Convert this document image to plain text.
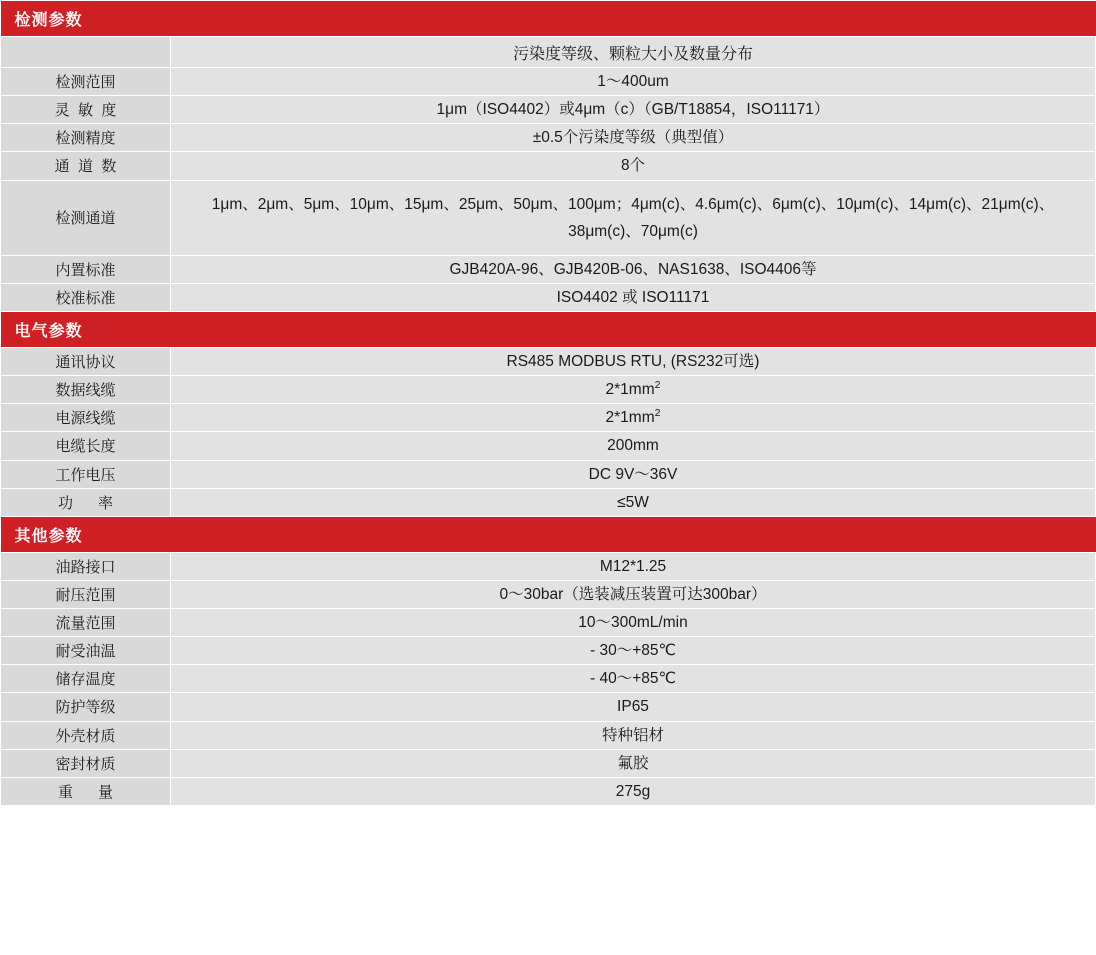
检测参数	
	污染度等级、颗粒大小及数量分布
检测范围	1～400um
灵  敏  度	1μm（ISO4402）或4μm（c）（GB/T18854，ISO11171）
检测精度	±0.5个污染度等级（典型值）
通  道  数	8个
检测通道	1μm、2μm、5μm、10μm、15μm、25μm、50μm、100μm；4μm(c)、4.6μm(c)、6μm(c)、10μm(c)、14μm(c)、21μm(c)、38μm(c)、70μm(c)
内置标准	GJB420A-96、GJB420B-06、NAS1638、ISO4406等
校准标准	ISO4402 或 ISO11171
电气参数	
通讯协议	RS485 MODBUS RTU, (RS232可选)
数据线缆	$2*1mm^2$
电源线缆	$2*1mm^2$
电缆长度	200mm
工作电压	DC 9V～36V
功      率	≤5W
其他参数	
油路接口	M12*1.25
耐压范围	0～30bar（选装减压装置可达300bar）
流量范围	10～300mL/min
耐受油温	- 30～+85℃
储存温度	- 40～+85℃
防护等级	IP65
外壳材质	特种铝材
密封材质	氟胶
重      量	275g
